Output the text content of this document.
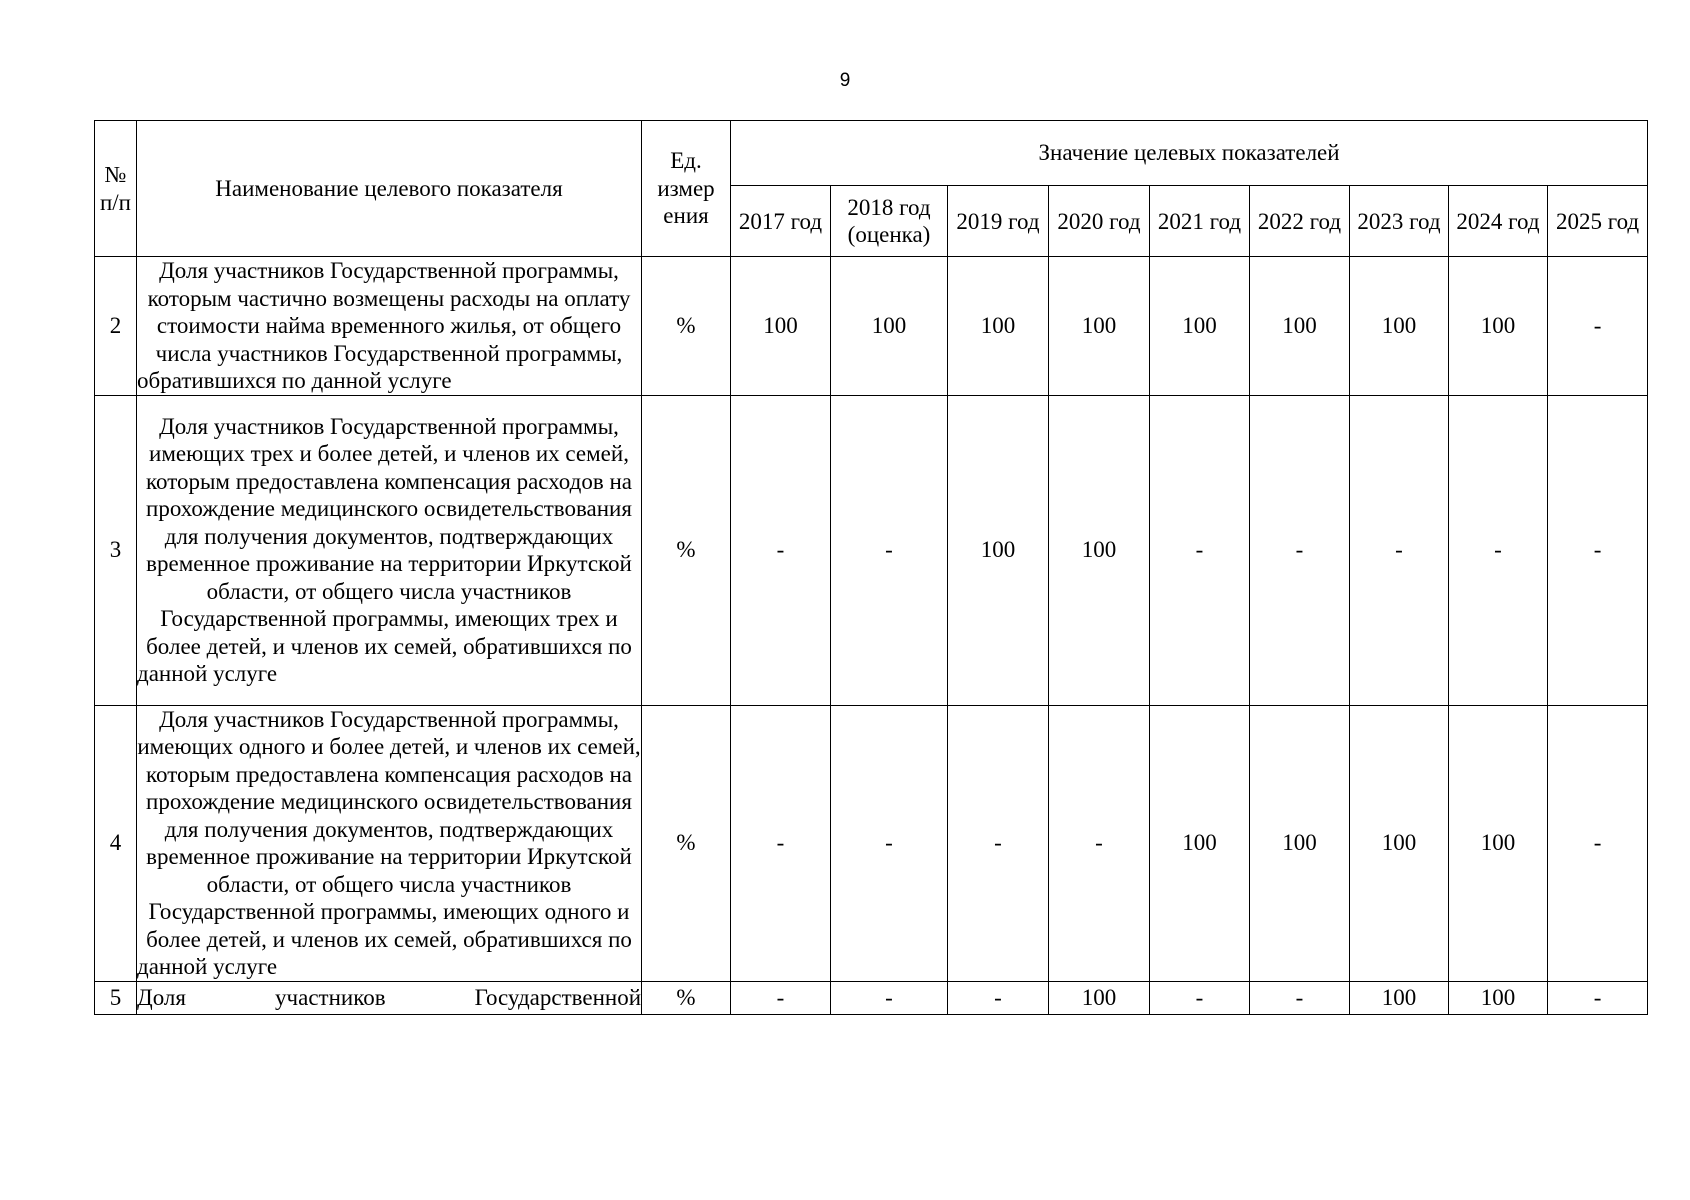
9
№ п/п	Наименование целевого показателя	Ед. измер ения	Значение целевых показателей								
			2017 год	2018 год (оценка)	2019 год	2020 год	2021 год	2022 год	2023 год	2024 год	2025 год
2	Доля участников Государственной программы, которым частично возмещены расходы на оплату стоимости найма временного жилья, от общего числа участников Государственной программы, обратившихся по данной услуге	%	100	100	100	100	100	100	100	100	-
3	Доля участников Государственной программы, имеющих трех и более детей, и членов их семей, которым предоставлена компенсация расходов на прохождение медицинского освидетельствования для получения документов, подтверждающих временное проживание на территории Иркутской области, от общего числа участников Государственной программы, имеющих трех и более детей, и членов их семей, обратившихся по данной услуге	%	-	-	100	100	-	-	-	-	-
4	Доля участников Государственной программы, имеющих одного и более детей, и членов их семей, которым предоставлена компенсация расходов на прохождение медицинского освидетельствования для получения документов, подтверждающих временное проживание на территории Иркутской области, от общего числа участников Государственной программы, имеющих одного и более детей, и членов их семей, обратившихся по данной услуге	%	-	-	-	-	100	100	100	100	-
5	Доля участников Государственной	%	-	-	-	100	-	-	100	100	-
